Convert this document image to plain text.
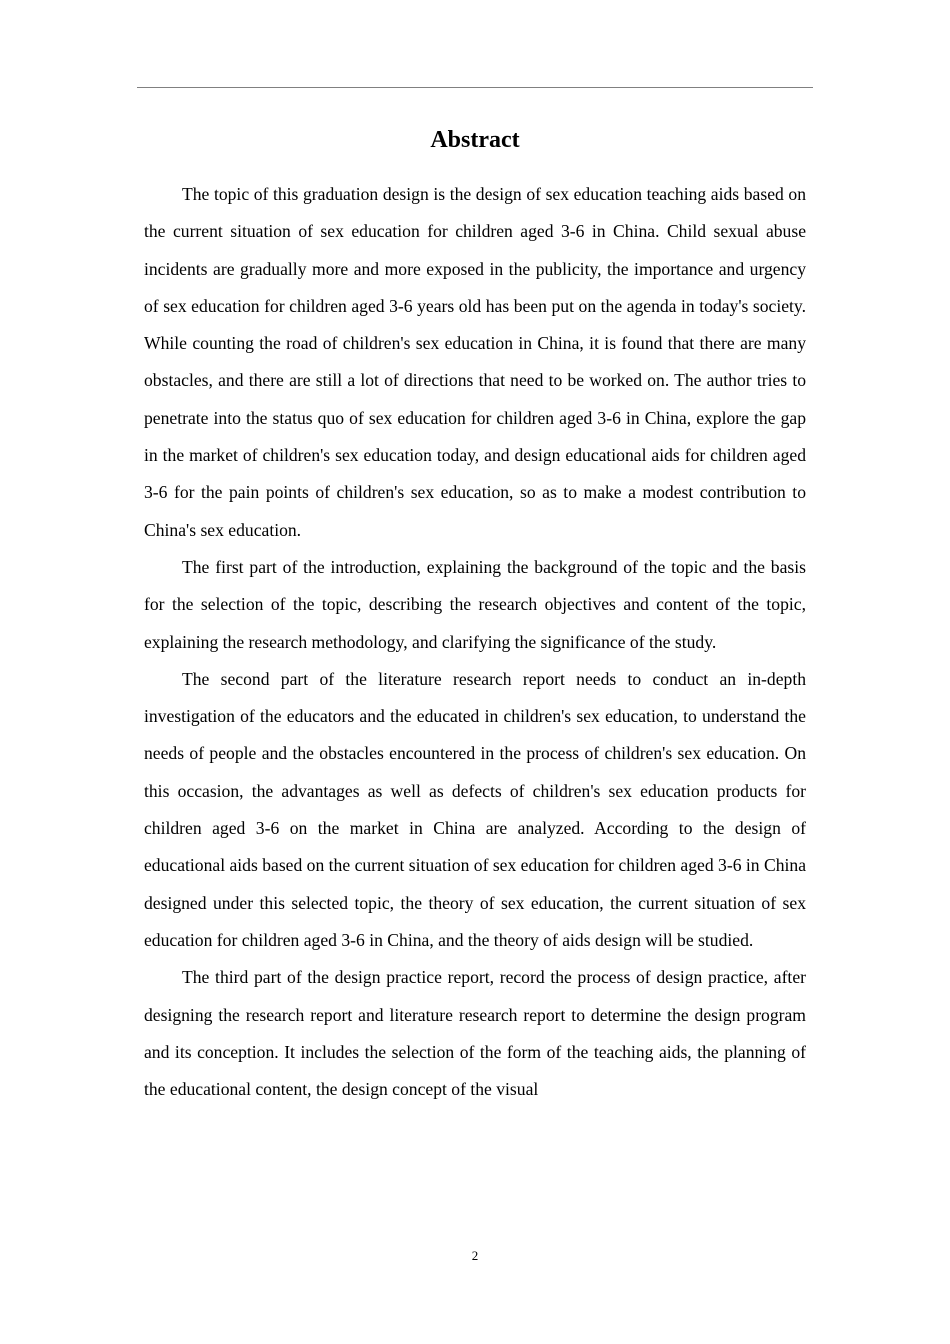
Abstract

The topic of this graduation design is the design of sex education teaching aids based on the current situation of sex education for children aged 3-6 in China. Child sexual abuse incidents are gradually more and more exposed in the publicity, the importance and urgency of sex education for children aged 3-6 years old has been put on the agenda in today's society. While counting the road of children's sex education in China, it is found that there are many obstacles, and there are still a lot of directions that need to be worked on. The author tries to penetrate into the status quo of sex education for children aged 3-6 in China, explore the gap in the market of children's sex education today, and design educational aids for children aged 3-6 for the pain points of children's sex education, so as to make a modest contribution to China's sex education.

The first part of the introduction, explaining the background of the topic and the basis for the selection of the topic, describing the research objectives and content of the topic, explaining the research methodology, and clarifying the significance of the study.

The second part of the literature research report needs to conduct an in-depth investigation of the educators and the educated in children's sex education, to understand the needs of people and the obstacles encountered in the process of children's sex education. On this occasion, the advantages as well as defects of children's sex education products for children aged 3-6 on the market in China are analyzed. According to the design of educational aids based on the current situation of sex education for children aged 3-6 in China designed under this selected topic, the theory of sex education, the current situation of sex education for children aged 3-6 in China, and the theory of aids design will be studied.

The third part of the design practice report, record the process of design practice, after designing the research report and literature research report to determine the design program and its conception. It includes the selection of the form of the teaching aids, the planning of the educational content, the design concept of the visual

2
